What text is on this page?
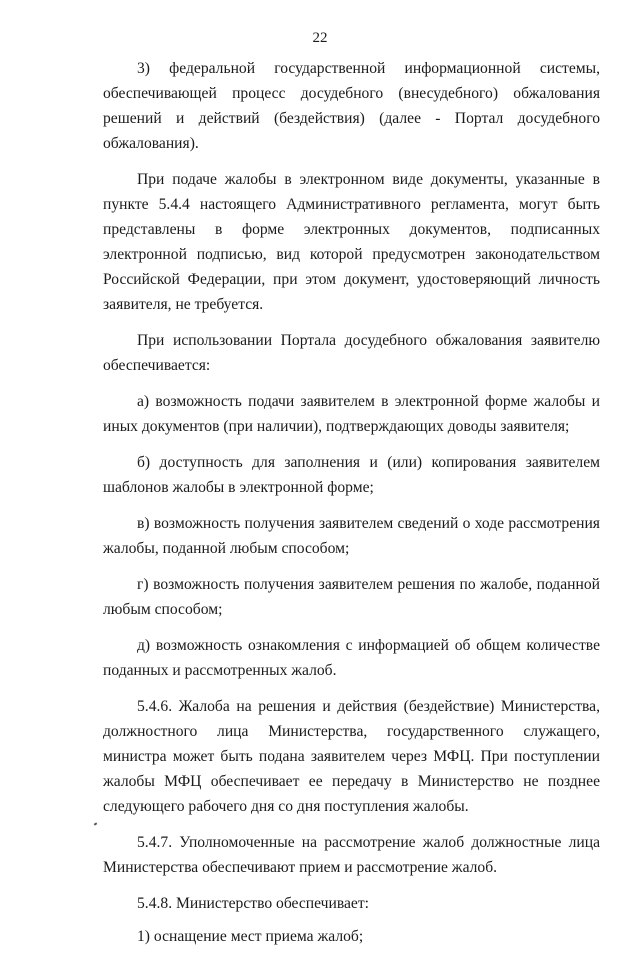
22

3) федеральной государственной информационной системы, обеспечивающей процесс досудебного (внесудебного) обжалования решений и действий (бездействия) (далее - Портал досудебного обжалования).

При подаче жалобы в электронном виде документы, указанные в пункте 5.4.4 настоящего Административного регламента, могут быть представлены в форме электронных документов, подписанных электронной подписью, вид которой предусмотрен законодательством Российской Федерации, при этом документ, удостоверяющий личность заявителя, не требуется.

При использовании Портала досудебного обжалования заявителю обеспечивается:

а) возможность подачи заявителем в электронной форме жалобы и иных документов (при наличии), подтверждающих доводы заявителя;

б) доступность для заполнения и (или) копирования заявителем шаблонов жалобы в электронной форме;

в) возможность получения заявителем сведений о ходе рассмотрения жалобы, поданной любым способом;

г) возможность получения заявителем решения по жалобе, поданной любым способом;

д) возможность ознакомления с информацией об общем количестве поданных и рассмотренных жалоб.

5.4.6. Жалоба на решения и действия (бездействие) Министерства, должностного лица Министерства, государственного служащего, министра может быть подана заявителем через МФЦ. При поступлении жалобы МФЦ обеспечивает ее передачу в Министерство не позднее следующего рабочего дня со дня поступления жалобы.

5.4.7. Уполномоченные на рассмотрение жалоб должностные лица Министерства обеспечивают прием и рассмотрение жалоб.

5.4.8. Министерство обеспечивает:

1) оснащение мест приема жалоб;
